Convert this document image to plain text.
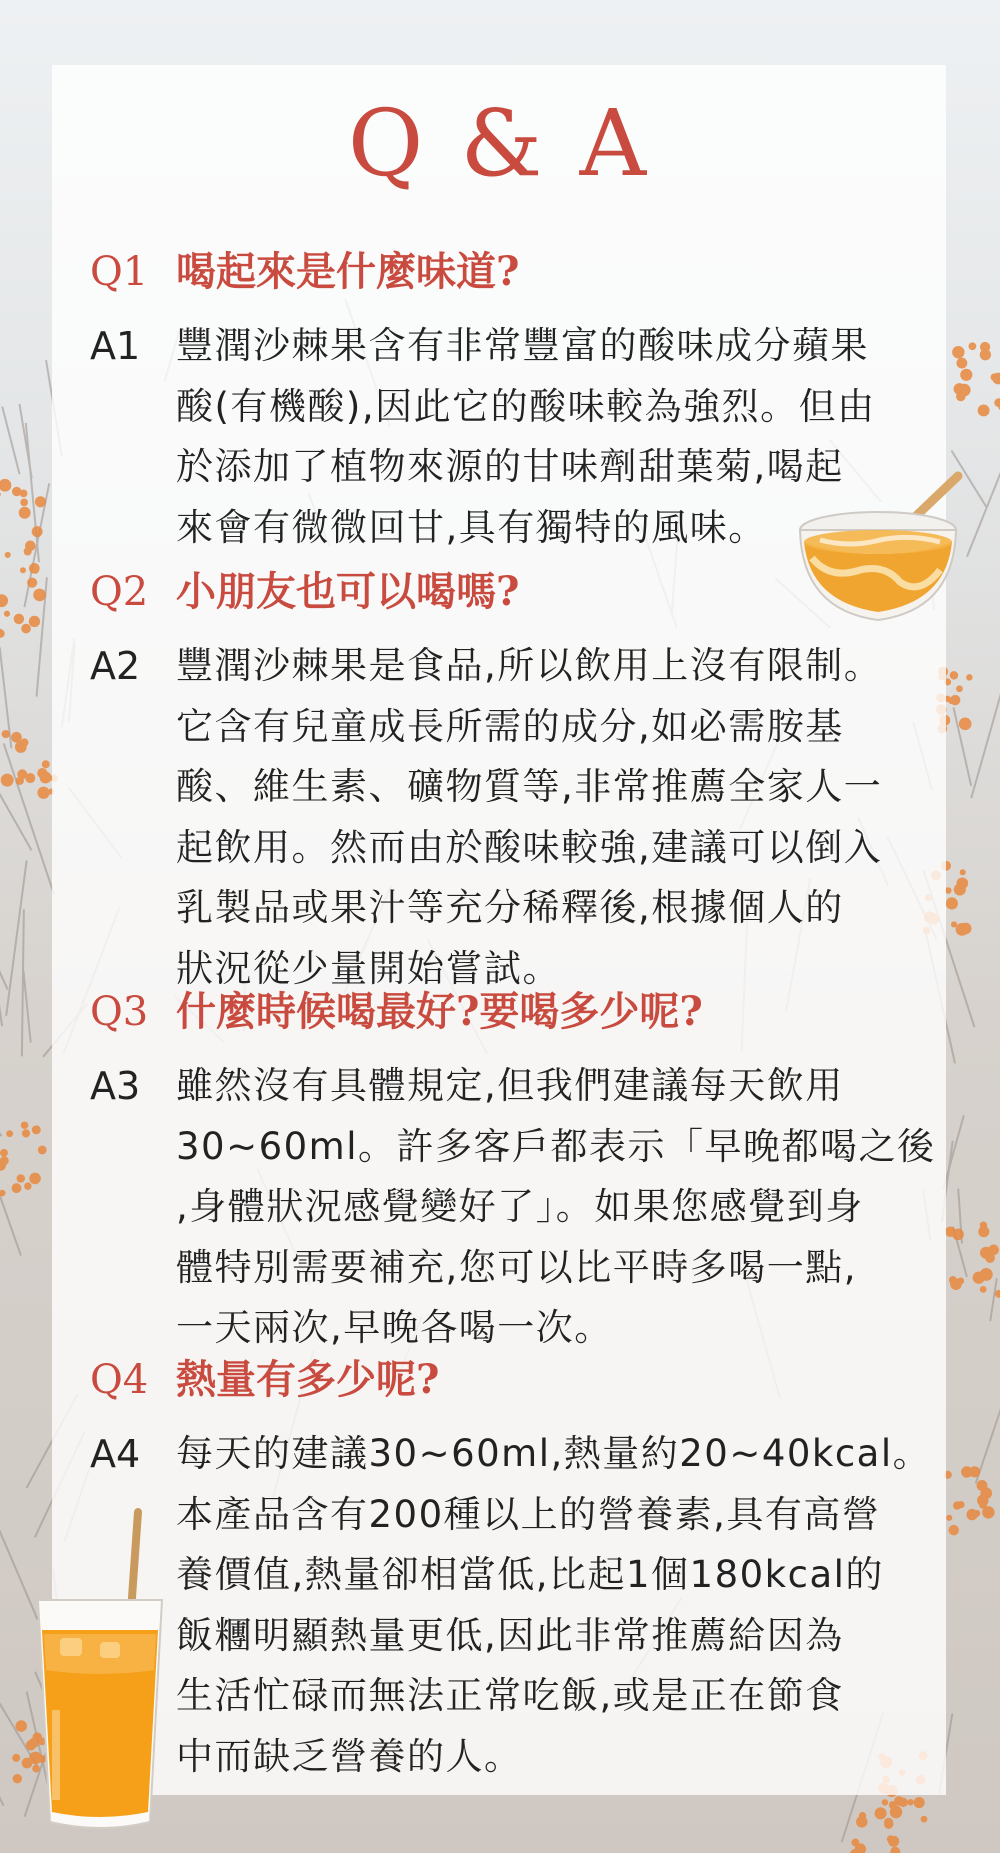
Q & A
Q1 喝起來是什麼味道?
A1 豐潤沙棘果含有非常豐富的酸味成分蘋果
酸(有機酸),因此它的酸味較為強烈。但由
於添加了植物來源的甘味劑甜葉菊,喝起
來會有微微回甘,具有獨特的風味。

Q2 小朋友也可以喝嗎?
A2 豐潤沙棘果是食品,所以飲用上沒有限制。
它含有兒童成長所需的成分,如必需胺基
酸、維生素、礦物質等,非常推薦全家人一
起飲用。然而由於酸味較強,建議可以倒入
乳製品或果汁等充分稀釋後,根據個人的
狀況從少量開始嘗試。

Q3 什麼時候喝最好?要喝多少呢?
A3 雖然沒有具體規定,但我們建議每天飲用
30~60ml。許多客戶都表示「早晚都喝之後
,身體狀況感覺變好了」。如果您感覺到身
體特別需要補充,您可以比平時多喝一點,
一天兩次,早晚各喝一次。

Q4 熱量有多少呢?
A4 每天的建議30~60ml,熱量約20~40kcal。
本產品含有200種以上的營養素,具有高營
養價值,熱量卻相當低,比起1個180kcal的
飯糰明顯熱量更低,因此非常推薦給因為
生活忙碌而無法正常吃飯,或是正在節食
中而缺乏營養的人。
